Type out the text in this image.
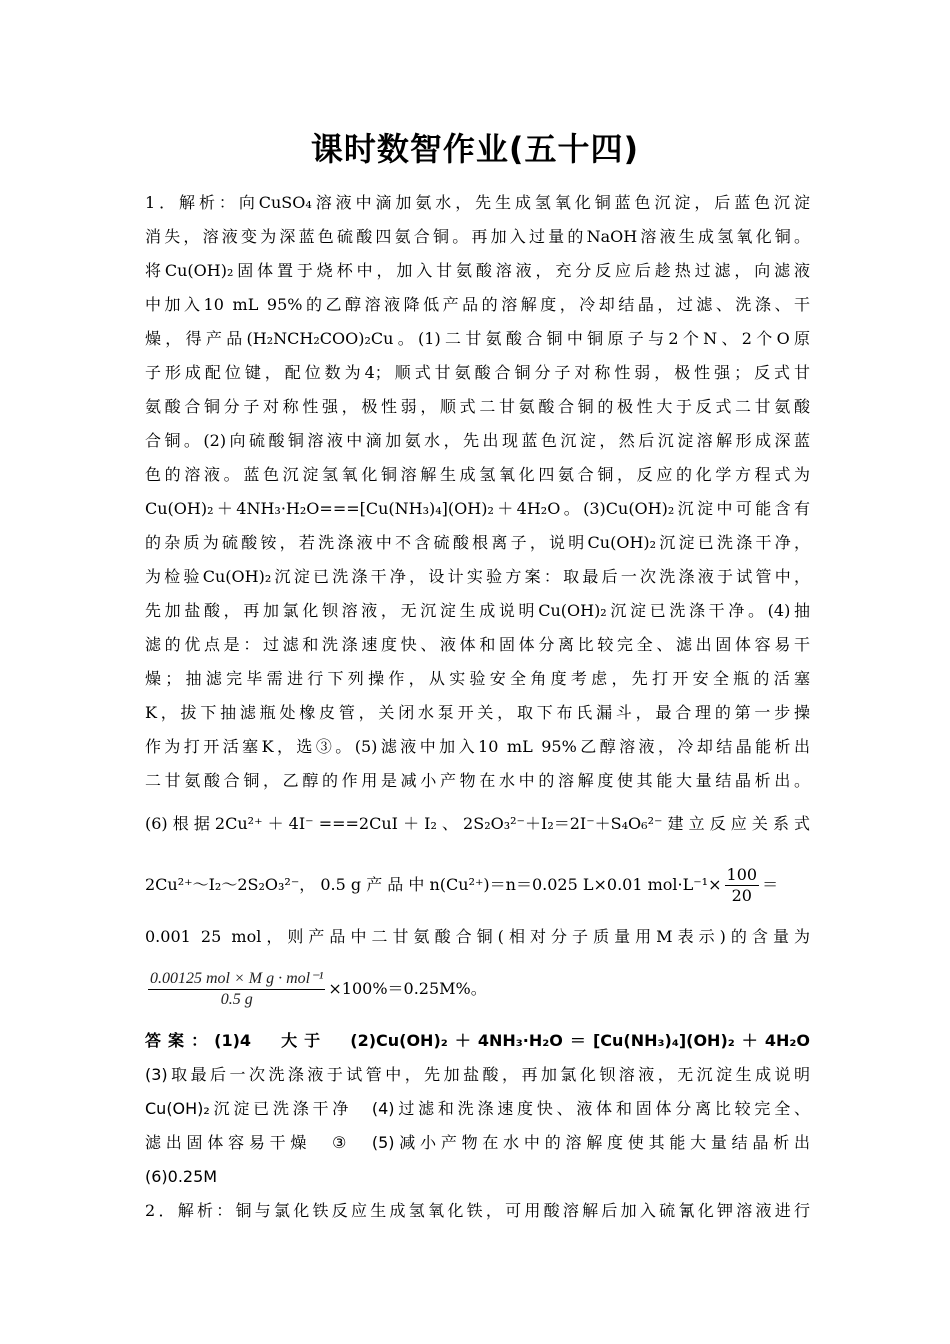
课时数智作业(五十四)
1．解析：向CuSO₄溶液中滴加氨水，先生成氢氧化铜蓝色沉淀，后蓝色沉淀
消失，溶液变为深蓝色硫酸四氨合铜。再加入过量的NaOH溶液生成氢氧化铜。
将Cu(OH)₂固体置于烧杯中，加入甘氨酸溶液，充分反应后趁热过滤，向滤液
中加入10 mL 95%的乙醇溶液降低产品的溶解度，冷却结晶，过滤、洗涤、干
燥，得产品(H₂NCH₂COO)₂Cu。(1)二甘氨酸合铜中铜原子与2个N、2个O原
子形成配位键，配位数为4；顺式甘氨酸合铜分子对称性弱，极性强；反式甘
氨酸合铜分子对称性强，极性弱，顺式二甘氨酸合铜的极性大于反式二甘氨酸
合铜。(2)向硫酸铜溶液中滴加氨水，先出现蓝色沉淀，然后沉淀溶解形成深蓝
色的溶液。蓝色沉淀氢氧化铜溶解生成氢氧化四氨合铜，反应的化学方程式为
Cu(OH)₂＋4NH₃·H₂O===[Cu(NH₃)₄](OH)₂＋4H₂O。(3)Cu(OH)₂沉淀中可能含有
的杂质为硫酸铵，若洗涤液中不含硫酸根离子，说明Cu(OH)₂沉淀已洗涤干净，
为检验Cu(OH)₂沉淀已洗涤干净，设计实验方案：取最后一次洗涤液于试管中，
先加盐酸，再加氯化钡溶液，无沉淀生成说明Cu(OH)₂沉淀已洗涤干净。(4)抽
滤的优点是：过滤和洗涤速度快、液体和固体分离比较完全、滤出固体容易干
燥；抽滤完毕需进行下列操作，从实验安全角度考虑，先打开安全瓶的活塞
K，拔下抽滤瓶处橡皮管，关闭水泵开关，取下布氏漏斗，最合理的第一步操
作为打开活塞K，选③。(5)滤液中加入10 mL 95%乙醇溶液，冷却结晶能析出
二甘氨酸合铜，乙醇的作用是减小产物在水中的溶解度使其能大量结晶析出。
(6) 根 据 2Cu²⁺ ＋ 4I⁻ ===2CuI ＋ I₂ 、 2S₂O₃²⁻＋I₂＝2I⁻＋S₄O₆²⁻ 建 立 反 应 关 系 式
2Cu²⁺～I₂～2S₂O₃²⁻， 0.5 g 产 品 中 n(Cu²⁺)＝n＝0.025 L×0.01 $mol\cdot L^{-1}\times \frac{100}{20}$ ＝
0.001 25 mol，则产品中二甘氨酸合铜(相对分子质量用M表示)的含量为
$\frac{\text{0.00125 mol × M g · mol⁻¹}}{0.5 g} \times 100\%=0.25M\%$。
答案：(1)4　大于　(2)Cu(OH)₂＋4NH₃·H₂O＝[Cu(NH₃)₄](OH)₂＋4H₂O
(3)取最后一次洗涤液于试管中，先加盐酸，再加氯化钡溶液，无沉淀生成说明
Cu(OH)₂沉淀已洗涤干净　(4)过滤和洗涤速度快、液体和固体分离比较完全、
滤出固体容易干燥　③　(5)减小产物在水中的溶解度使其能大量结晶析出
(6)0.25M
2．解析：铜与氯化铁反应生成氢氧化铁，可用酸溶解后加入硫氰化钾溶液进行
